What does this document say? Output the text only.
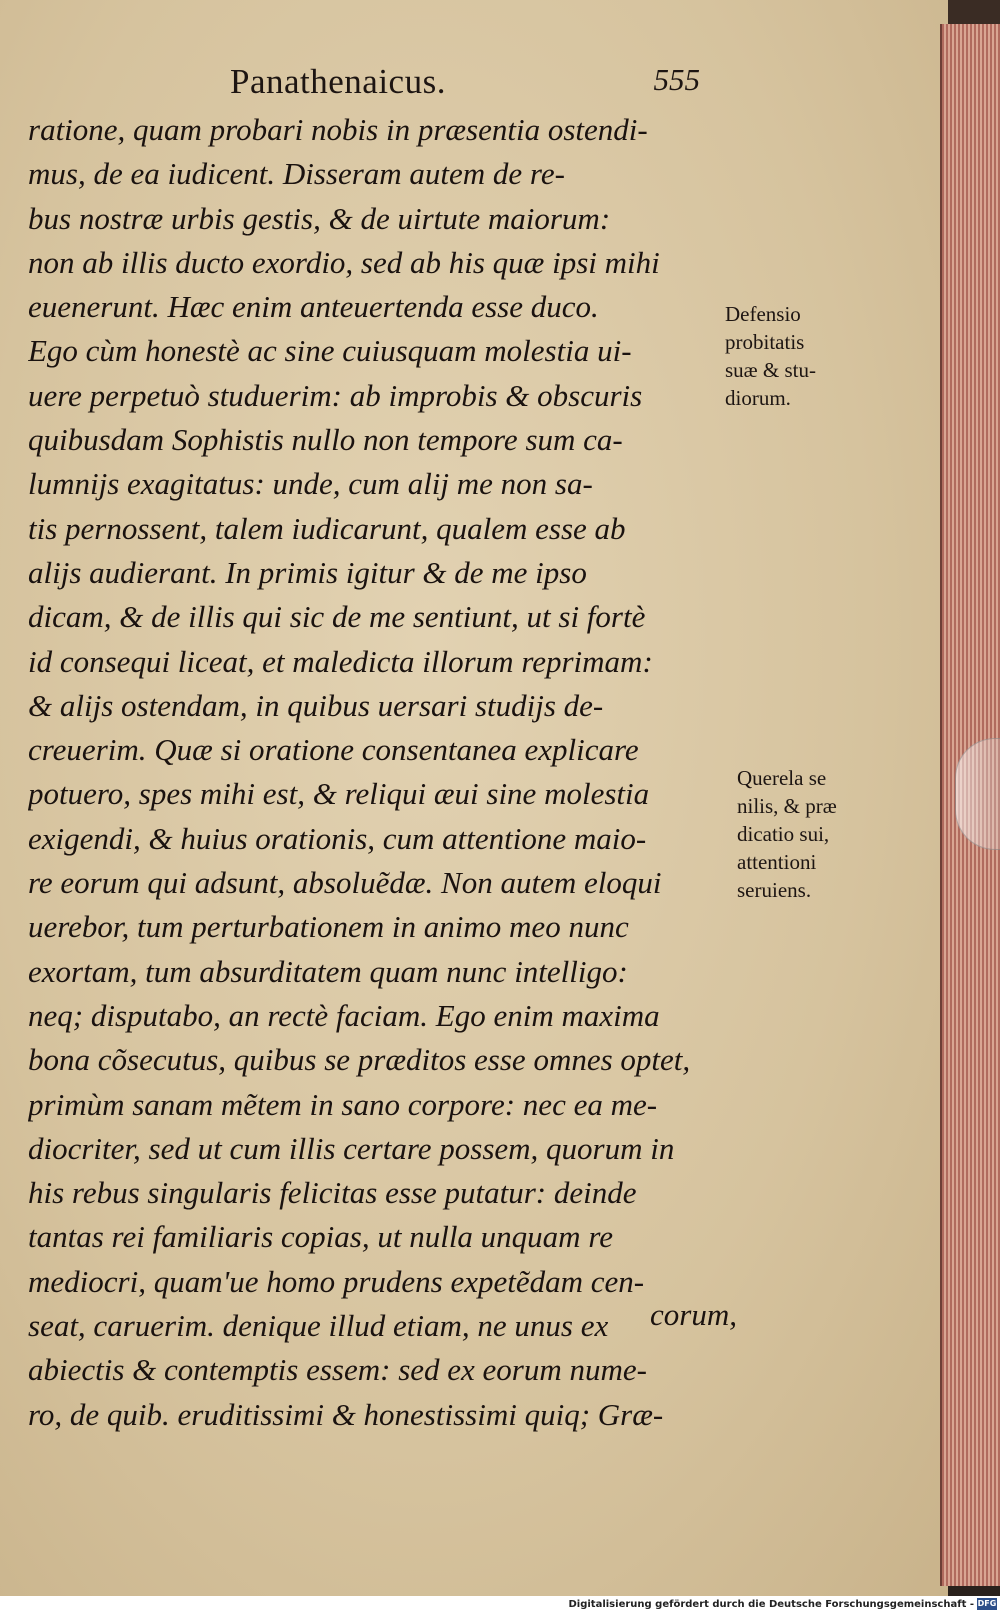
Panathenaicus.	555
ratione, quam probari nobis in præsentia ostendi-
mus, de ea iudicent. Disseram autem de re-
bus nostræ urbis gestis, & de uirtute maiorum:
non ab illis ducto exordio, sed ab his quæ ipsi mihi
euenerunt. Hæc enim anteuertenda esse duco.
Ego cùm honestè ac sine cuiusquam molestia ui-
uere perpetuò studuerim: ab improbis & obscuris
quibusdam Sophistis nullo non tempore sum ca-
lumnijs exagitatus: unde, cum alij me non sa-
tis pernossent, talem iudicarunt, qualem esse ab
alijs audierant. In primis igitur & de me ipso
dicam, & de illis qui sic de me sentiunt, ut si fortè
id consequi liceat, et maledicta illorum reprimam:
& alijs ostendam, in quibus uersari studijs de-
creuerim. Quæ si oratione consentanea explicare
potuero, spes mihi est, & reliqui æui sine molestia
exigendi, & huius orationis, cum attentione maio-
re eorum qui adsunt, absoluẽdæ. Non autem eloqui
uerebor, tum perturbationem in animo meo nunc
exortam, tum absurditatem quam nunc intelligo:
neq; disputabo, an rectè faciam. Ego enim maxima
bona cõsecutus, quibus se præditos esse omnes optet,
primùm sanam mẽtem in sano corpore: nec ea me-
diocriter, sed ut cum illis certare possem, quorum in
his rebus singularis felicitas esse putatur: deinde
tantas rei familiaris copias, ut nulla unquam re
mediocri, quam'ue homo prudens expetẽdam cen-
seat, caruerim. denique illud etiam, ne unus ex
abiectis & contemptis essem: sed ex eorum nume-
ro, de quib. eruditissimi & honestissimi quiq; Græ-
corum,
Defensio
probitatis
suæ & stu-
diorum.
Querela se
nilis, & præ
dicatio sui,
attentioni
seruiens.
Digitalisierung gefördert durch die Deutsche Forschungsgemeinschaft - DFG
